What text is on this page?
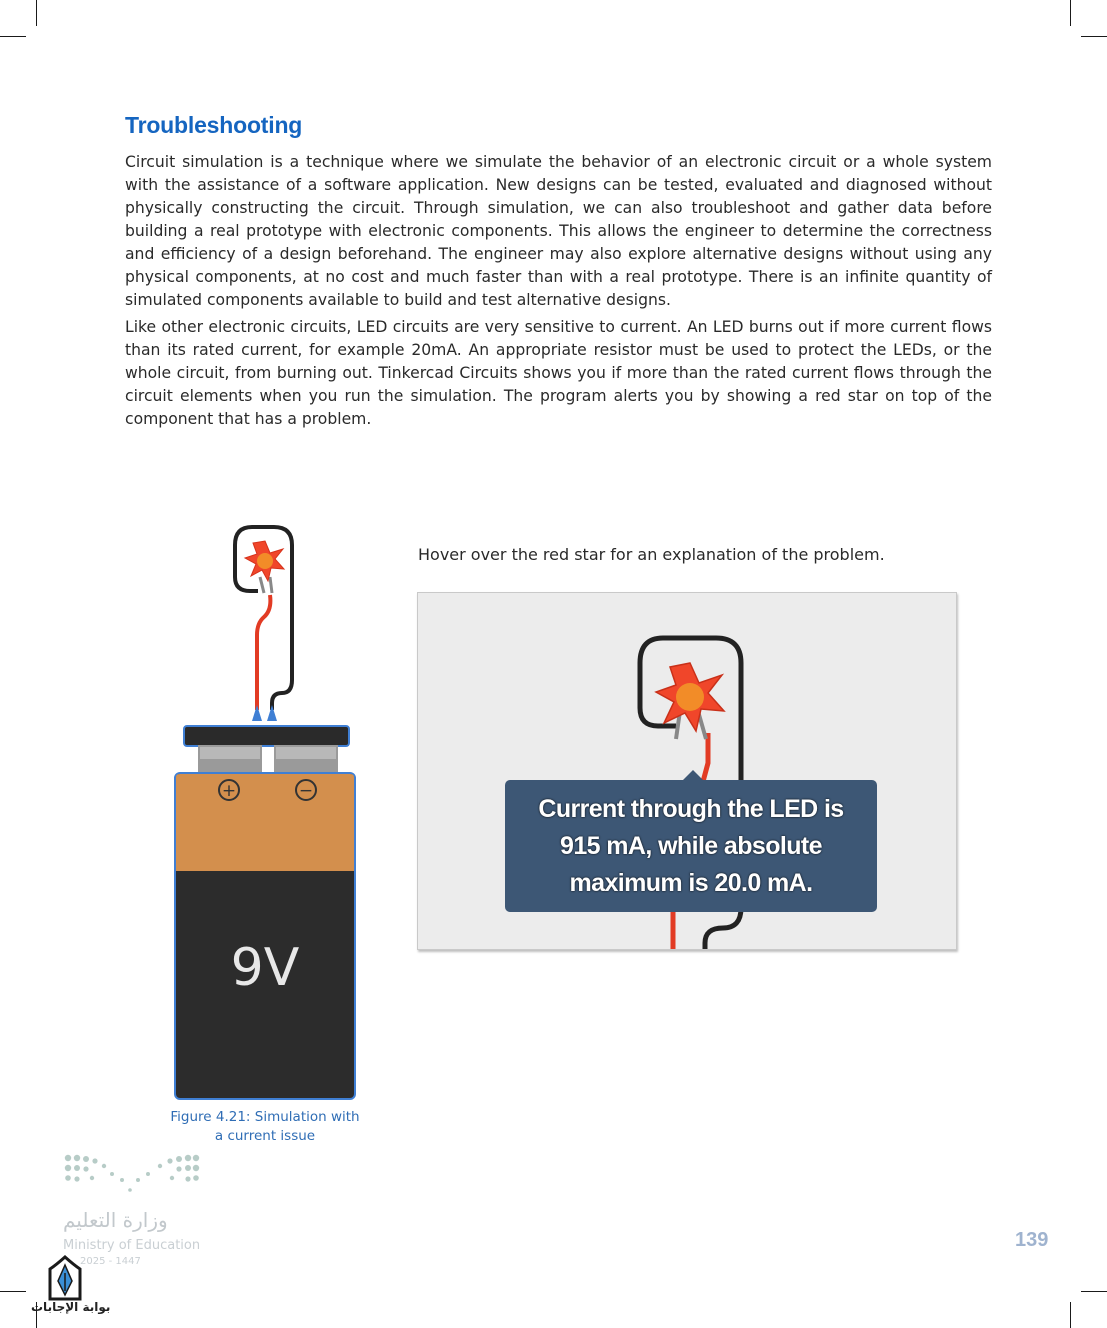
Troubleshooting

Circuit simulation is a technique where we simulate the behavior of an electronic circuit or a whole system with the assistance of a software application. New designs can be tested, evaluated and diagnosed without physically constructing the circuit. Through simulation, we can also troubleshoot and gather data before building a real prototype with electronic components. This allows the engineer to determine the correctness and efficiency of a design beforehand. The engineer may also explore alternative designs without using any physical components, at no cost and much faster than with a real prototype. There is an infinite quantity of simulated components available to build and test alternative designs.

Like other electronic circuits, LED circuits are very sensitive to current. An LED burns out if more current flows than its rated current, for example 20mA. An appropriate resistor must be used to protect the LEDs, or the whole circuit, from burning out. Tinkercad Circuits shows you if more than the rated current flows through the circuit elements when you run the simulation. The program alerts you by showing a red star on top of the component that has a problem.

+	−
9V
Figure 4.21: Simulation with
a current issue
Hover over the red star for an explanation of the problem.
Current through the LED is
915 mA, while absolute
maximum is 20.0 mA.
وزارة التعليم
Ministry of Education
2025 - 1447
139
بوابة الإجابات
